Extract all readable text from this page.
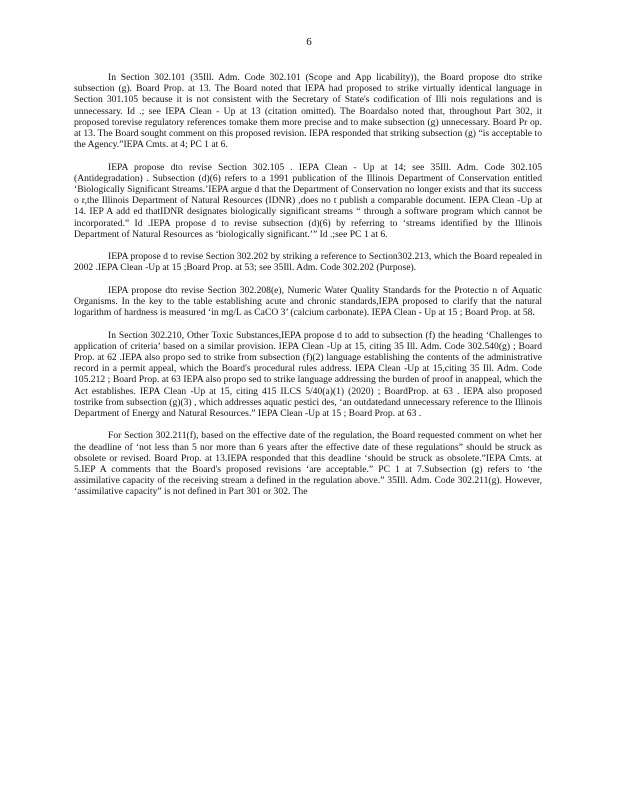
6

In Section 302.101 (35Ill. Adm. Code 302.101 (Scope and App licability)), the Board propose dto strike subsection (g). Board Prop. at 13. The Board noted that IEPA had proposed to strike virtually identical language in Section 301.105 because it is not consistent with the Secretary of State's codification of Illi nois regulations and is unnecessary. Id .; see IEPA Clean - Up at 13 (citation omitted). The Boardalso noted that, throughout Part 302, it proposed torevise regulatory references tomake them more precise and to make subsection (g) unnecessary. Board Pr op. at 13. The Board sought comment on this proposed revision. IEPA responded that striking subsection (g) “is acceptable to the Agency.”IEPA Cmts. at 4; PC 1 at 6.

IEPA propose dto revise Section 302.105 . IEPA Clean - Up at 14; see 35Ill. Adm. Code 302.105 (Antidegradation) . Subsection (d)(6) refers to a 1991 publication of the Illinois Department of Conservation entitled ‘Biologically Significant Streams.’IEPA argue d that the Department of Conservation no longer exists and that its success o r,the Illinois Department of Natural Resources (IDNR) ,does no t publish a comparable document. IEPA Clean -Up at 14. IEP A add ed thatIDNR designates biologically significant streams “ through a software program which cannot be incorporated.” Id .IEPA propose d to revise subsection (d)(6) by referring to ‘streams identified by the Illinois Department of Natural Resources as ‘biologically significant.’” Id .;see PC 1 at 6.

IEPA propose d to revise Section 302.202 by striking a reference to Section302.213, which the Board repealed in 2002 .IEPA Clean -Up at 15 ;Board Prop. at 53; see 35Ill. Adm. Code 302.202 (Purpose).

IEPA propose dto revise Section 302.208(e), Numeric Water Quality Standards for the Protectio n of Aquatic Organisms. In the key to the table establishing acute and chronic standards,IEPA proposed to clarify that the natural logarithm of hardness is measured ‘in mg/L as CaCO 3’ (calcium carbonate). IEPA Clean - Up at 15 ; Board Prop. at 58.

In Section 302.210, Other Toxic Substances,IEPA propose d to add to subsection (f) the heading ‘Challenges to application of criteria’ based on a similar provision. IEPA Clean -Up at 15, citing 35 Ill. Adm. Code 302.540(g) ; Board Prop. at 62 .IEPA also propo sed to strike from subsection (f)(2) language establishing the contents of the administrative record in a permit appeal, which the Board's procedural rules address. IEPA Clean -Up at 15,citing 35 Ill. Adm. Code 105.212 ; Board Prop. at 63 IEPA also propo sed to strike language addressing the burden of proof in anappeal, which the Act establishes. IEPA Clean -Up at 15, citing 415 ILCS 5/40(a)(1) (2020) ; BoardProp. at 63 . IEPA also proposed tostrike from subsection (g)(3) , which addresses aquatic pestici des, ‘an outdatedand unnecessary reference to the Illinois Department of Energy and Natural Resources.” IEPA Clean -Up at 15 ; Board Prop. at 63 .

For Section 302.211(f), based on the effective date of the regulation, the Board requested comment on whet her the deadline of ‘not less than 5 nor more than 6 years after the effective date of these regulations” should be struck as obsolete or revised. Board Prop. at 13.IEPA responded that this deadline ‘should be struck as obsolete.”IEPA Cmts. at 5.IEP A comments that the Board's proposed revisions ‘are acceptable.” PC 1 at 7.Subsection (g) refers to ‘the assimilative capacity of the receiving stream a defined in the regulation above.” 35Ill. Adm. Code 302.211(g). However, ‘assimilative capacity” is not defined in Part 301 or 302. The
